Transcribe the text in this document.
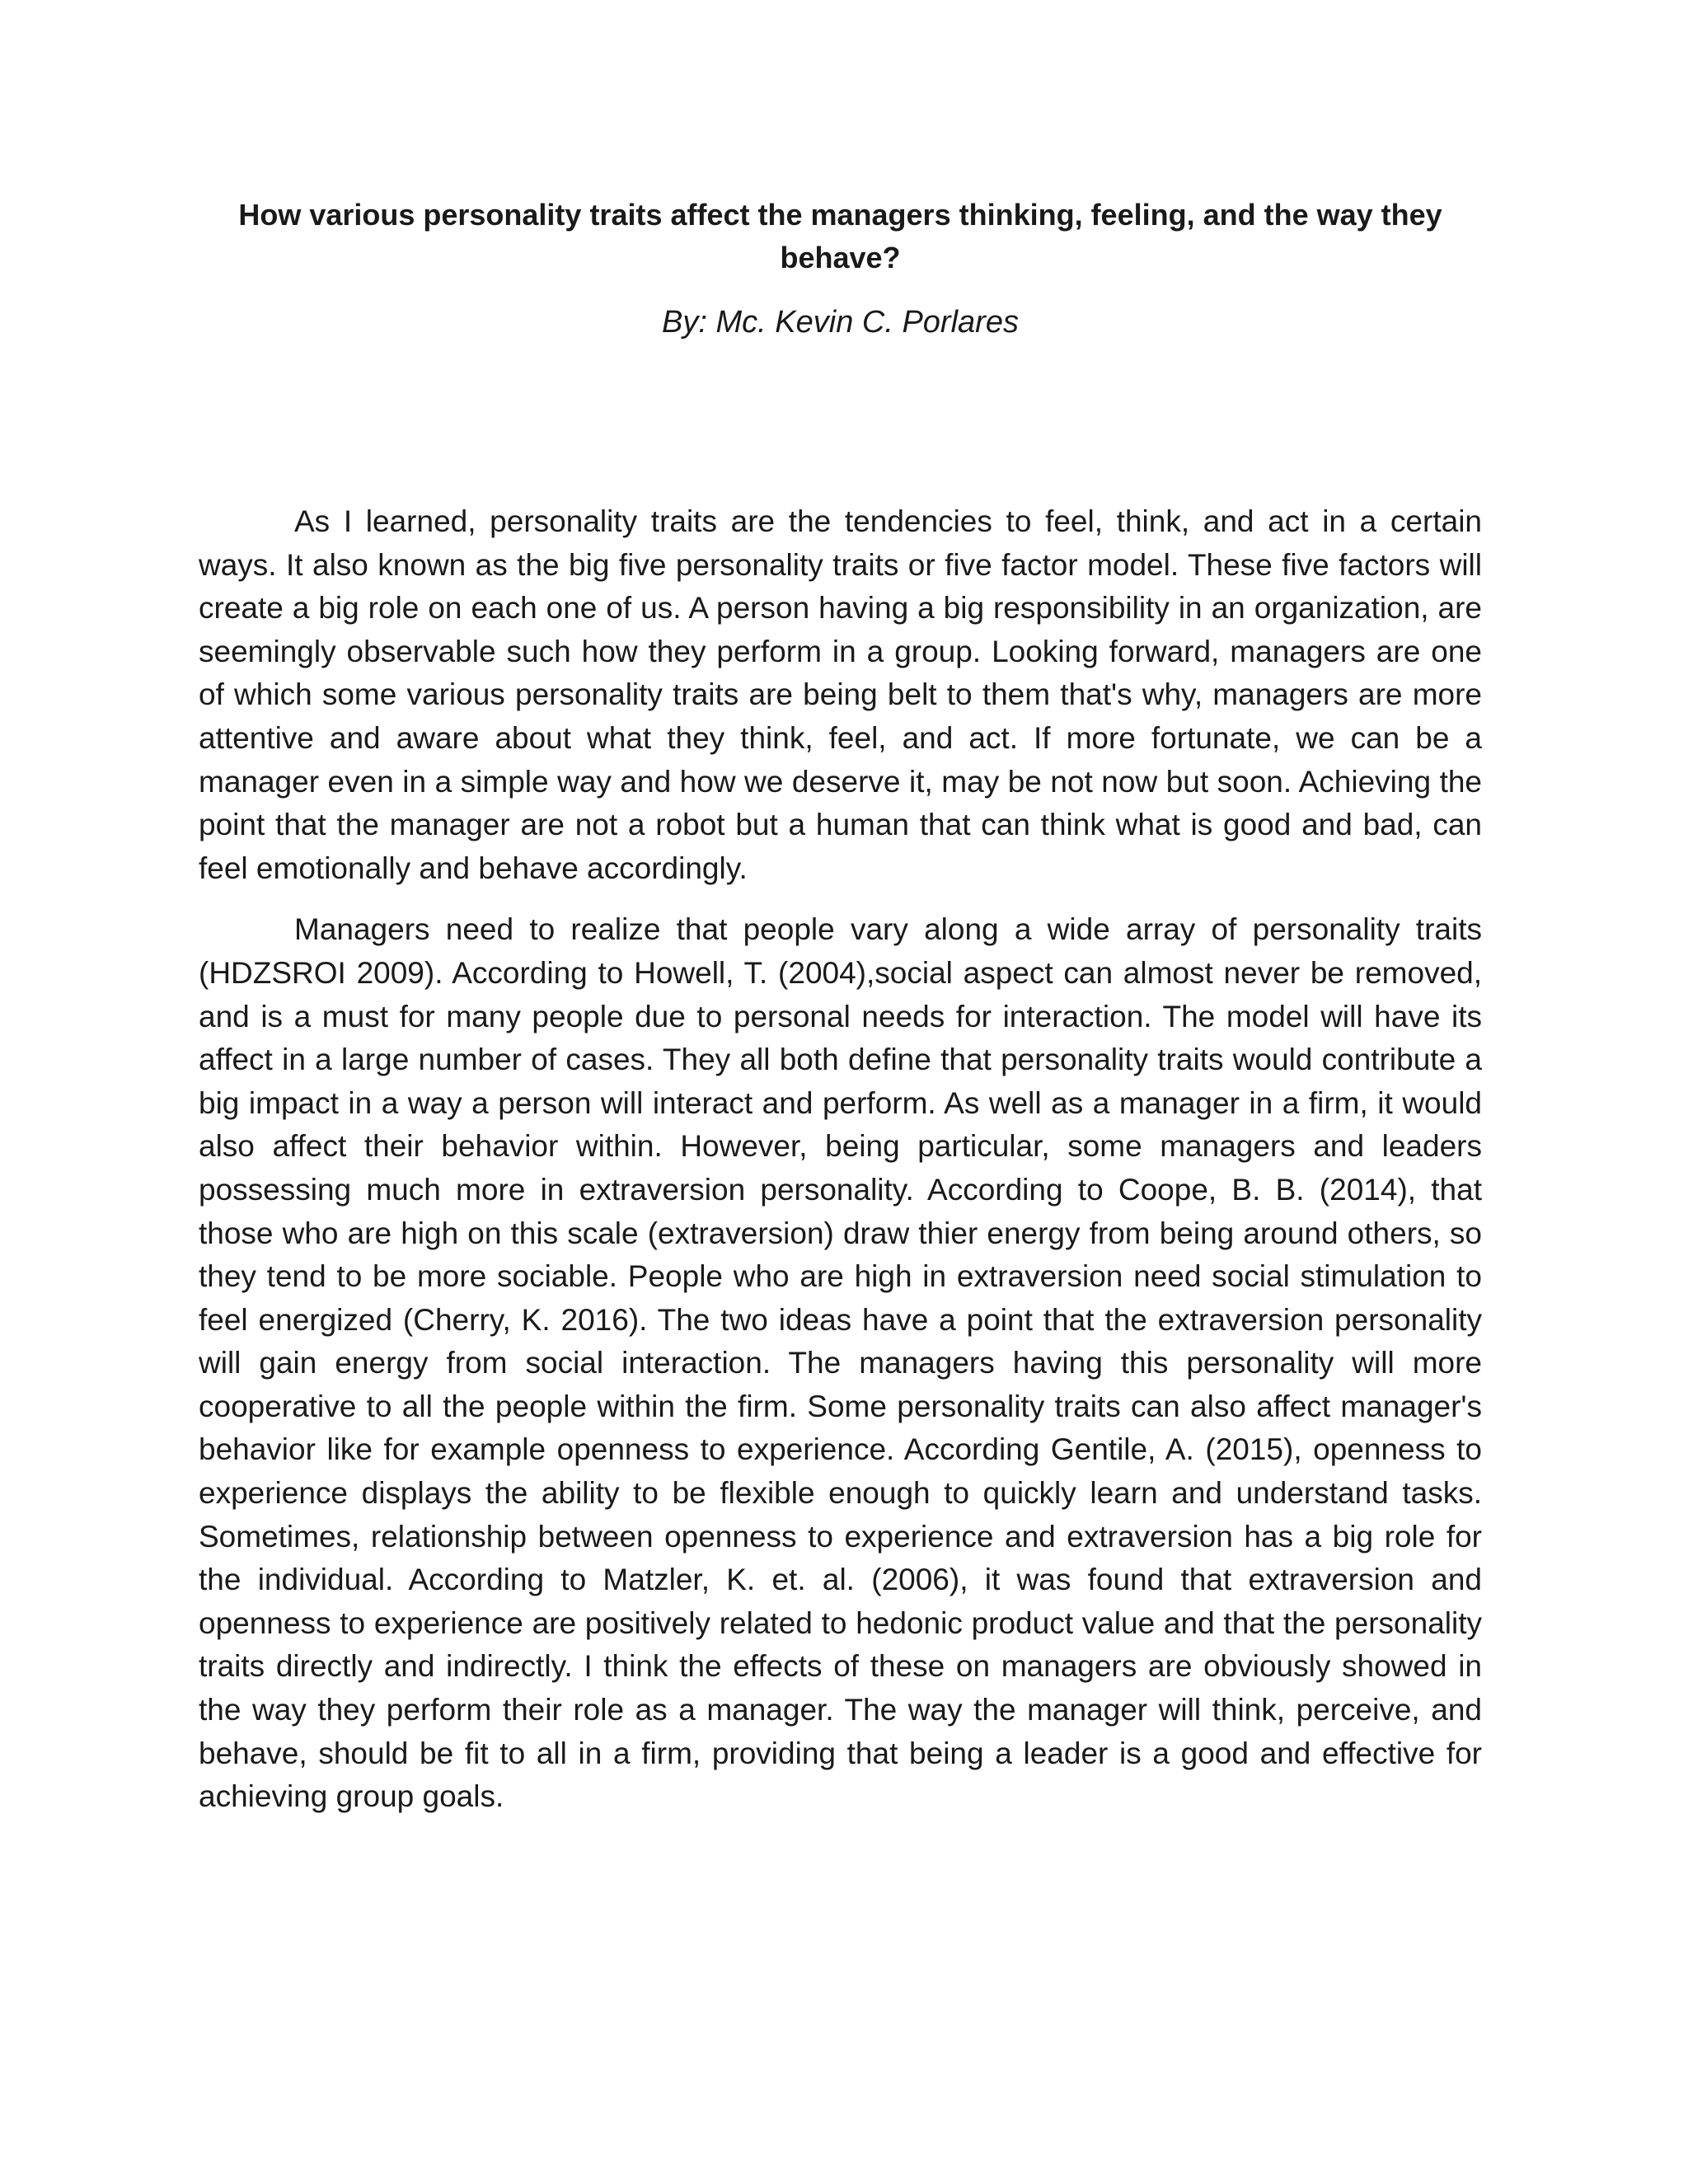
How various personality traits affect the managers thinking, feeling, and the way they behave?
By: Mc. Kevin C. Porlares

As I learned, personality traits are the tendencies to feel, think, and act in a certain ways. It also known as the big five personality traits or five factor model. These five factors will create a big role on each one of us. A person having a big responsibility in an organization, are seemingly observable such how they perform in a group. Looking forward, managers are one of which some various personality traits are being belt to them that's why, managers are more attentive and aware about what they think, feel, and act. If more fortunate, we can be a manager even in a simple way and how we deserve it, may be not now but soon. Achieving the point that the manager are not a robot but a human that can think what is good and bad, can feel emotionally and behave accordingly.

Managers need to realize that people vary along a wide array of personality traits (HDZSROI 2009). According to Howell, T. (2004),social aspect can almost never be removed, and is a must for many people due to personal needs for interaction. The model will have its affect in a large number of cases. They all both define that personality traits would contribute a big impact in a way a person will interact and perform. As well as a manager in a firm, it would also affect their behavior within. However, being particular, some managers and leaders possessing much more in extraversion personality. According to Coope, B. B. (2014), that those who are high on this scale (extraversion) draw thier energy from being around others, so they tend to be more sociable. People who are high in extraversion need social stimulation to feel energized (Cherry, K. 2016). The two ideas have a point that the extraversion personality will gain energy from social interaction. The managers having this personality will more cooperative to all the people within the firm. Some personality traits can also affect manager's behavior like for example openness to experience. According Gentile, A. (2015), openness to experience displays the ability to be flexible enough to quickly learn and understand tasks. Sometimes, relationship between openness to experience and extraversion has a big role for the individual. According to Matzler, K. et. al. (2006), it was found that extraversion and openness to experience are positively related to hedonic product value and that the personality traits directly and indirectly. I think the effects of these on managers are obviously showed in the way they perform their role as a manager. The way the manager will think, perceive, and behave, should be fit to all in a firm, providing that being a leader is a good and effective for achieving group goals.
